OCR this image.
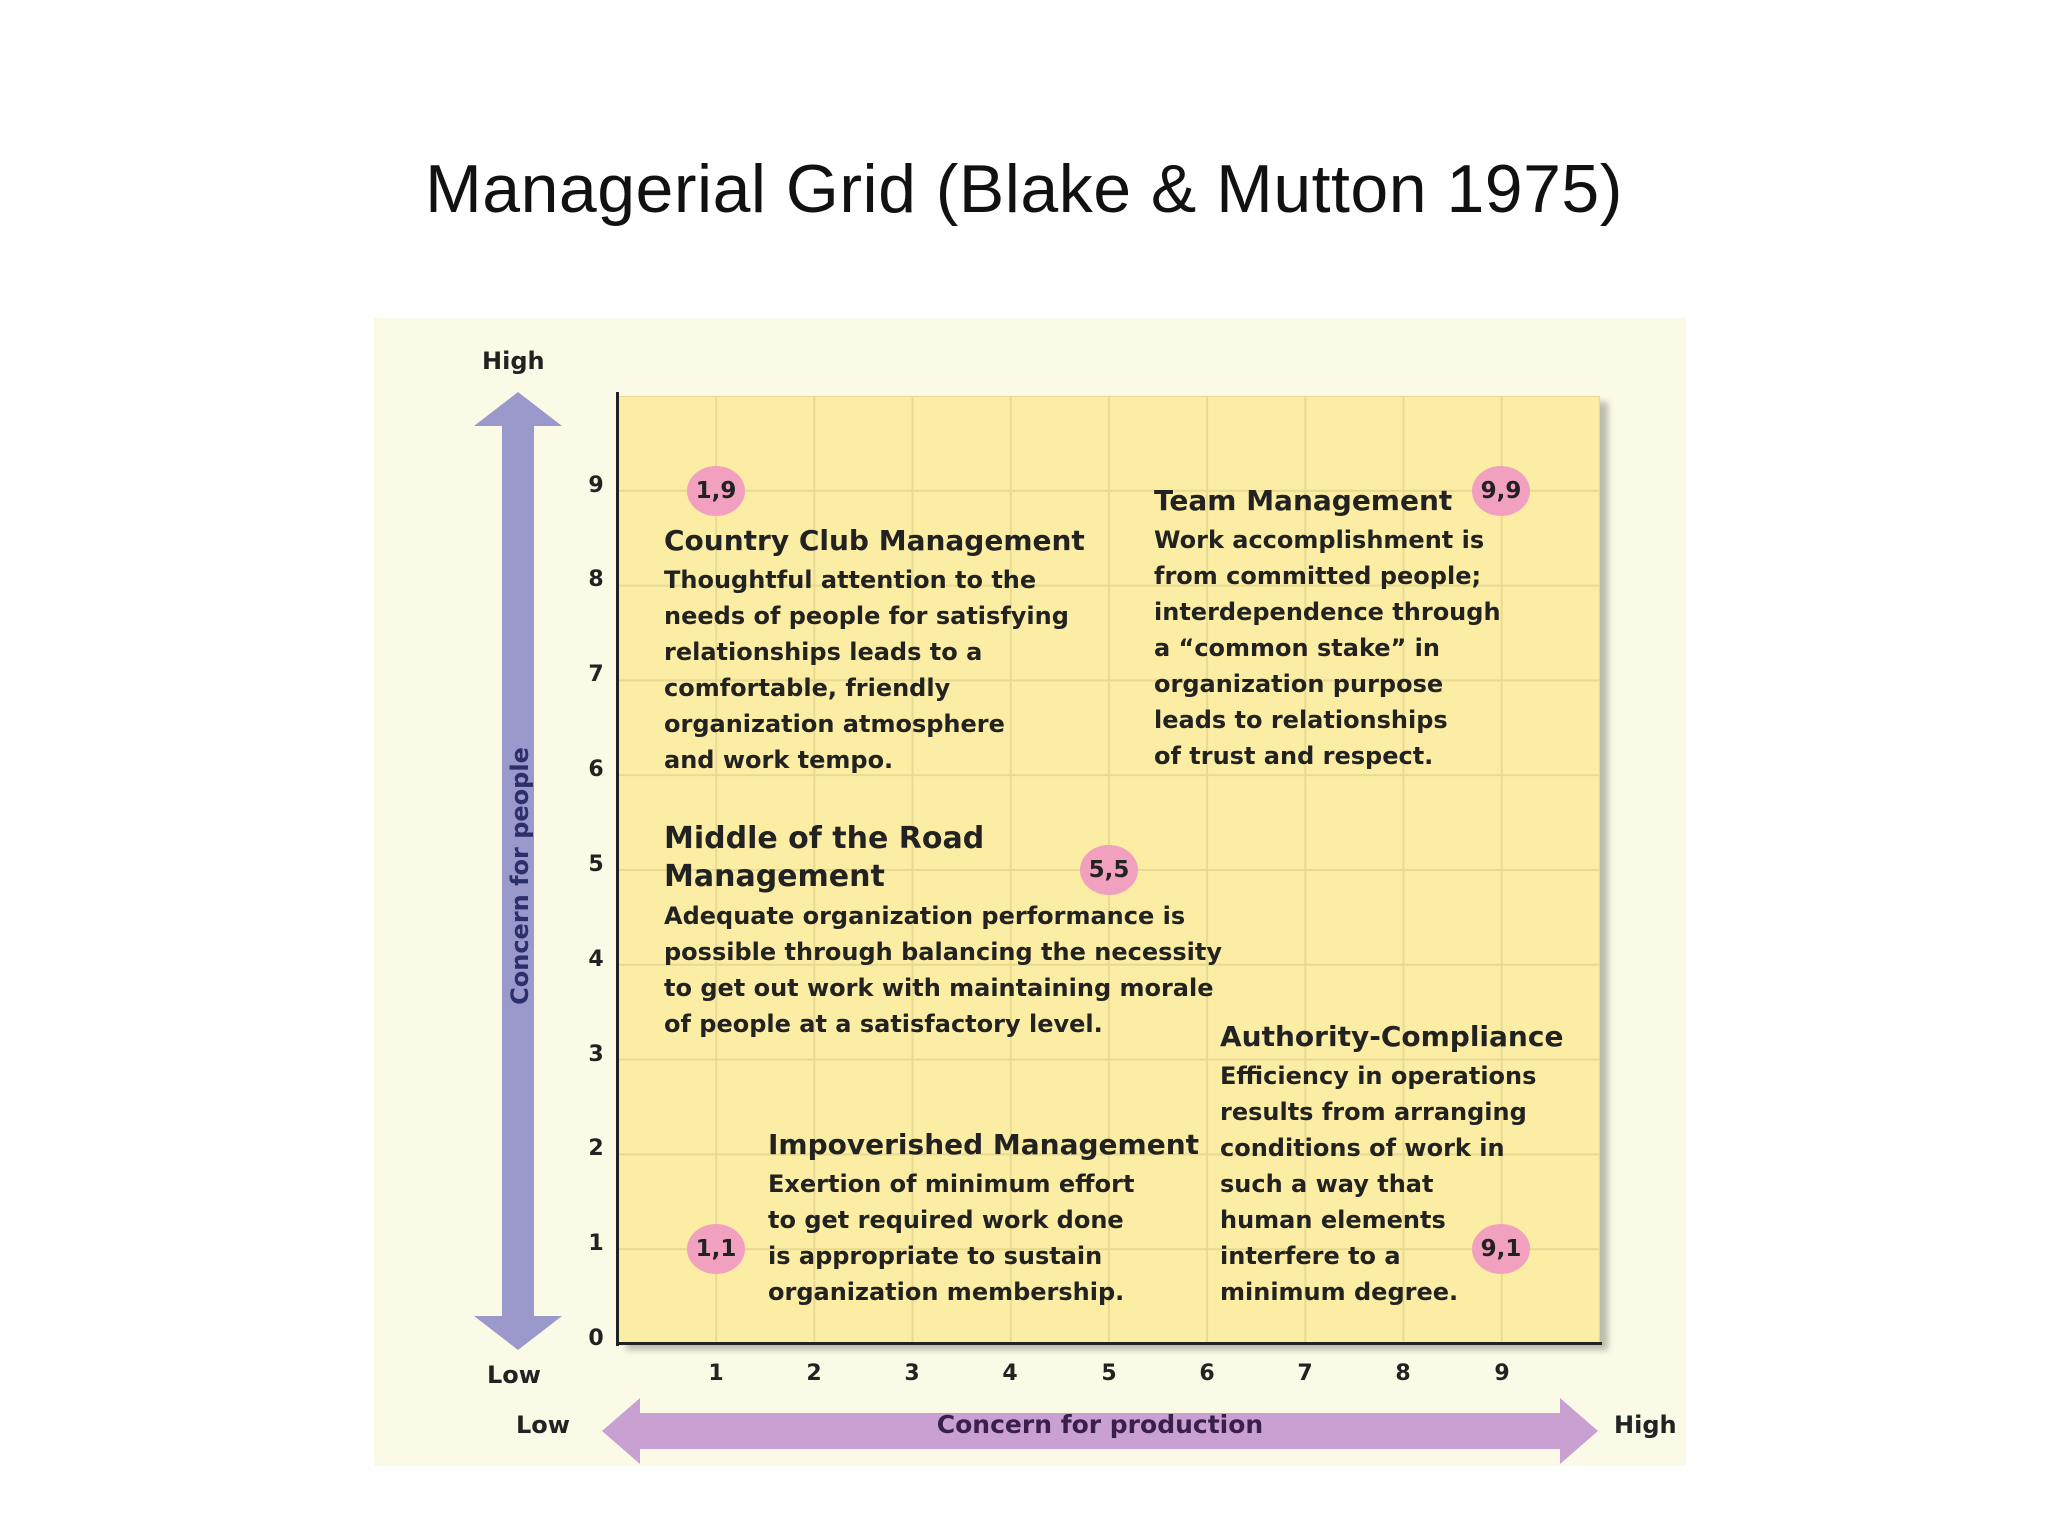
Managerial Grid (Blake & Mutton 1975)
Concern for people
High
Low
Concern for production
Low	High
0
1
2
3
4
5
6
7
8
9
1	2	3	4	5	6	7	8	9
1,9	9,9
5,5
9,1
1,1
Country Club Management
Thoughtful attention to the
needs of people for satisfying
relationships leads to a
comfortable, friendly
organization atmosphere
and work tempo.
Team Management
Work accomplishment is
from committed people;
interdependence through
a “common stake” in
organization purpose
leads to relationships
of trust and respect.
Middle of the Road
Management
Adequate organization performance is
possible through balancing the necessity
to get out work with maintaining morale
of people at a satisfactory level.	Authority-Compliance
Efficiency in operations
results from arranging
conditions of work in
such a way that
human elements
interfere to a
minimum degree.
Impoverished Management
Exertion of minimum effort
to get required work done
is appropriate to sustain
organization membership.
